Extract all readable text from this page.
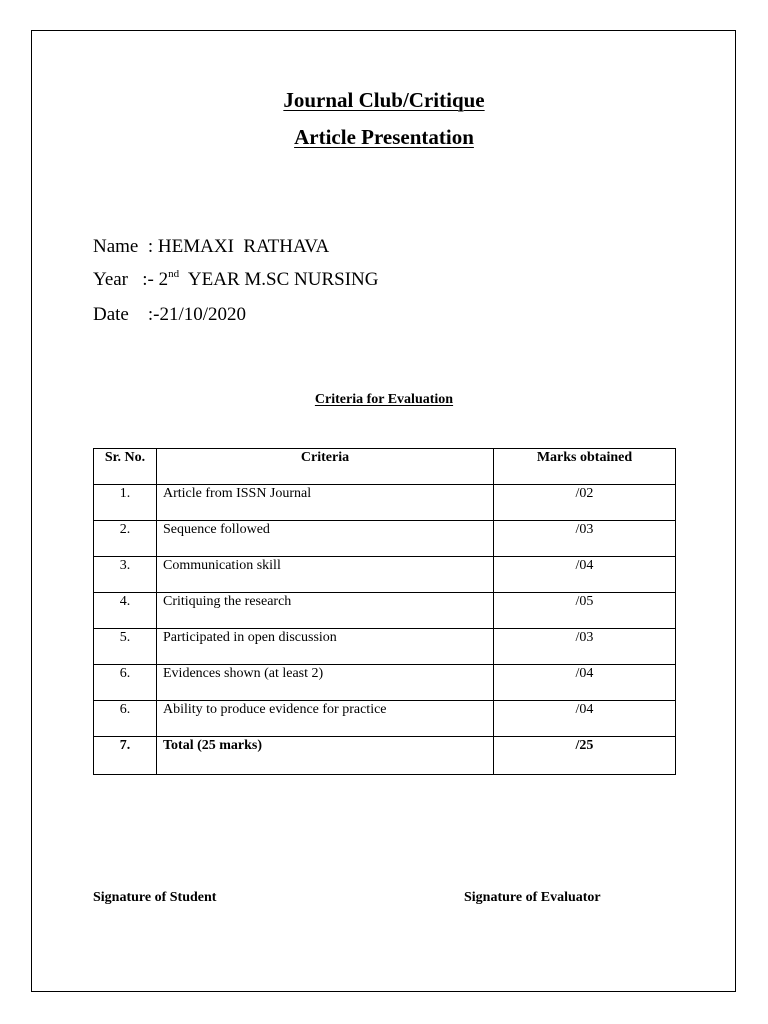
Journal Club/Critique
Article Presentation
Name  : HEMAXI  RATHAVA
Year   :- 2nd  YEAR M.SC NURSING
Date    :-21/10/2020
Criteria for Evaluation
Sr. No.	Criteria	Marks obtained
1.	Article from ISSN Journal	/02
2.	Sequence followed	/03
3.	Communication skill	/04
4.	Critiquing the research	/05
5.	Participated in open discussion	/03
6.	Evidences shown (at least 2)	/04
6.	Ability to produce evidence for practice	/04
7.	Total (25 marks)	/25
Signature of Student	Signature of Evaluator
